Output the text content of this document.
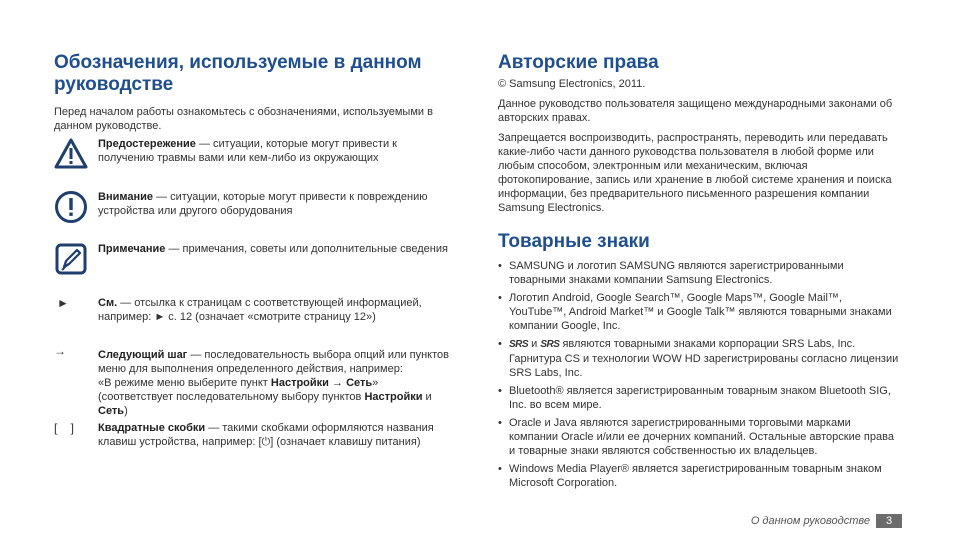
Обозначения, используемые в данном руководстве

Перед началом работы ознакомьтесь с обозначениями, используемыми в данном руководстве.

Предостережение — ситуации, которые могут привести к получению травмы вами или кем-либо из окружающих
Внимание — ситуации, которые могут привести к повреждению устройства или другого оборудования
Примечание — примечания, советы или дополнительные сведения
►	См. — отсылка к страницам с соответствующей информацией, например: ► с. 12 (означает «смотрите страницу 12»)
→	Следующий шаг — последовательность выбора опций или пунктов меню для выполнения определенного действия, например:
«В режиме меню выберите пункт Настройки → Сеть» (соответствует последовательному выбору пунктов Настройки и Сеть)
[    ] Квадратные скобки — такими скобками оформляются названия клавиш устройства, например: [⏻] (означает клавишу питания)
Авторские права

© Samsung Electronics, 2011.

Данное руководство пользователя защищено международными законами об авторских правах.

Запрещается воспроизводить, распространять, переводить или передавать какие-либо части данного руководства пользователя в любой форме или любым способом, электронным или механическим, включая фотокопирование, запись или хранение в любой системе хранения и поиска информации, без предварительного письменного разрешения компании Samsung Electronics.

Товарные знаки
• SAMSUNG и логотип SAMSUNG являются зарегистрированными товарными знаками компании Samsung Electronics.
• Логотип Android, Google Search™, Google Maps™, Google Mail™, YouTube™, Android Market™ и Google Talk™ являются товарными знаками компании Google, Inc.
• SRS и SRS являются товарными знаками корпорации SRS Labs, Inc. Гарнитура CS и технологии WOW HD зарегистрированы согласно лицензии SRS Labs, Inc.
• Bluetooth® является зарегистрированным товарным знаком Bluetooth SIG, Inc. во всем мире.
• Oracle и Java являются зарегистрированными торговыми марками компании Oracle и/или ее дочерних компаний. Остальные авторские права и товарные знаки являются собственностью их владельцев.
• Windows Media Player® является зарегистрированным товарным знаком Microsoft Corporation.
О данном руководстве 3
